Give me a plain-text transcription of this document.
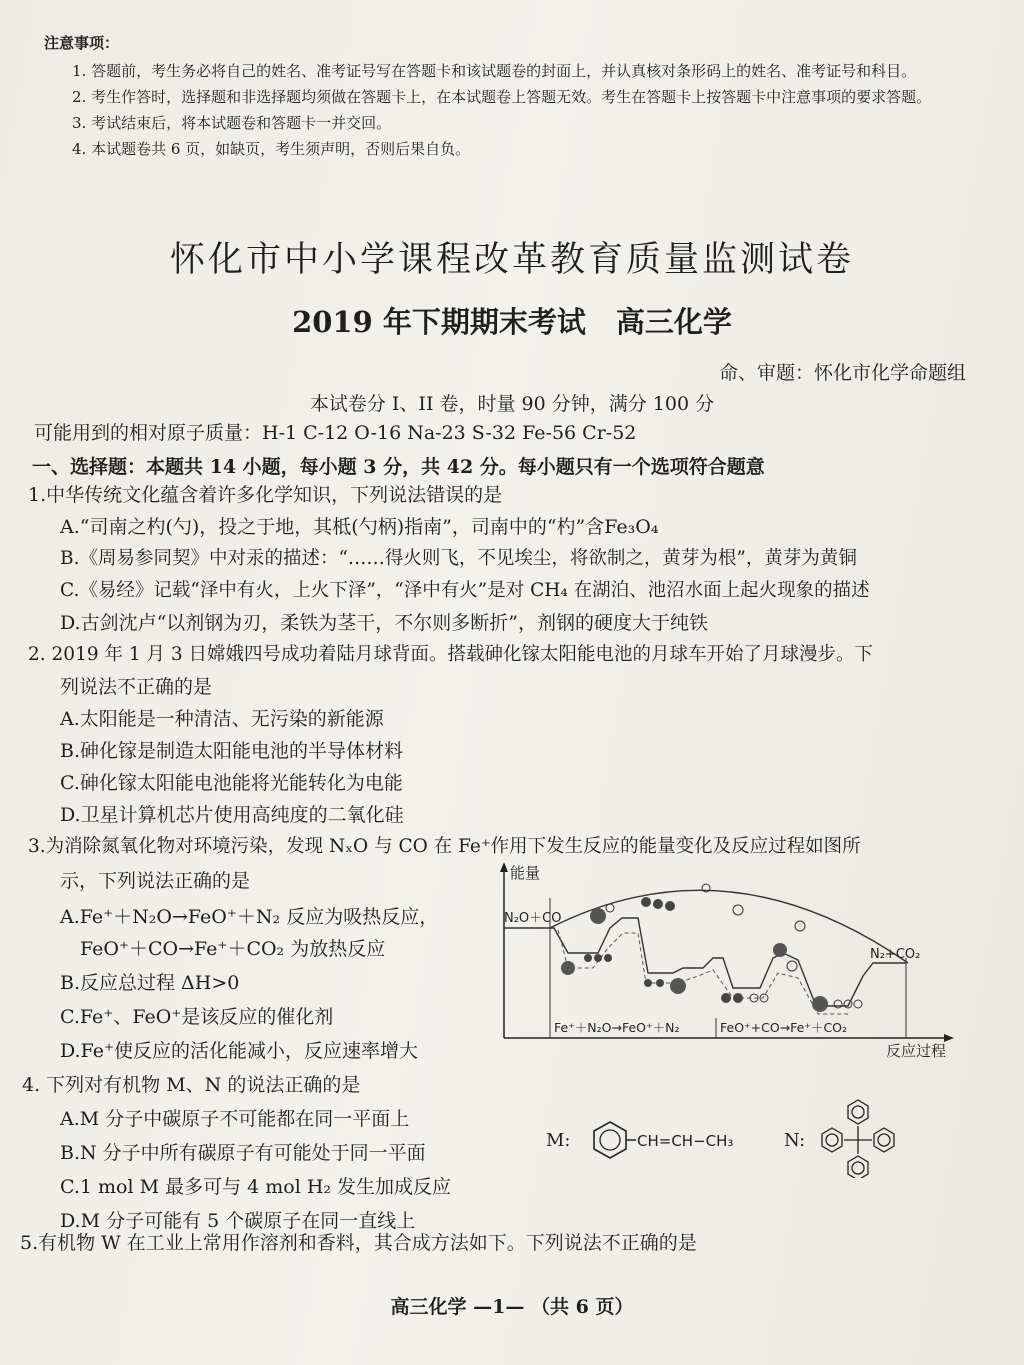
注意事项：
1. 答题前，考生务必将自己的姓名、准考证号写在答题卡和该试题卷的封面上，并认真核对条形码上的姓名、准考证号和科目。
2. 考生作答时，选择题和非选择题均须做在答题卡上，在本试题卷上答题无效。考生在答题卡上按答题卡中注意事项的要求答题。
3. 考试结束后，将本试题卷和答题卡一并交回。
4. 本试题卷共 6 页，如缺页，考生须声明，否则后果自负。
怀化市中小学课程改革教育质量监测试卷
2019 年下期期末考试 高三化学
命、审题：怀化市化学命题组
本试卷分 I、II 卷，时量 90 分钟，满分 100 分
可能用到的相对原子质量：H-1 C-12 O-16 Na-23 S-32 Fe-56 Cr-52
一、选择题：本题共 14 小题，每小题 3 分，共 42 分。每小题只有一个选项符合题意
1.中华传统文化蕴含着许多化学知识，下列说法错误的是
A.“司南之杓(勺)，投之于地，其柢(勺柄)指南”，司南中的“杓”含Fe₃O₄
B.《周易参同契》中对汞的描述：“……得火则飞，不见埃尘，将欲制之，黄芽为根”，黄芽为黄铜
C.《易经》记载“泽中有火，上火下泽”，“泽中有火”是对 CH₄ 在湖泊、池沼水面上起火现象的描述
D.古剑沈卢“以剂钢为刃，柔铁为茎干，不尔则多断折”，剂钢的硬度大于纯铁
2. 2019 年 1 月 3 日嫦娥四号成功着陆月球背面。搭载砷化镓太阳能电池的月球车开始了月球漫步。下
列说法不正确的是
A.太阳能是一种清洁、无污染的新能源
B.砷化镓是制造太阳能电池的半导体材料
C.砷化镓太阳能电池能将光能转化为电能
D.卫星计算机芯片使用高纯度的二氧化硅
3.为消除氮氧化物对环境污染，发现 NₓO 与 CO 在 Fe⁺作用下发生反应的能量变化及反应过程如图所
示，下列说法正确的是
A.Fe⁺＋N₂O→FeO⁺＋N₂ 反应为吸热反应，
FeO⁺＋CO→Fe⁺＋CO₂ 为放热反应
B.反应总过程 ΔH>0
C.Fe⁺、FeO⁺是该反应的催化剂
D.Fe⁺使反应的活化能减小，反应速率增大
能量
反应过程
N₂O＋CO
N₂+CO₂
Fe⁺＋N₂O→FeO⁺＋N₂	FeO⁺+CO→Fe⁺＋CO₂
4. 下列对有机物 M、N 的说法正确的是
A.M 分子中碳原子不可能都在同一平面上
B.N 分子中所有碳原子有可能处于同一平面
C.1 mol M 最多可与 4 mol H₂ 发生加成反应
D.M 分子可能有 5 个碳原子在同一直线上
M:	CH=CH−CH₃	N:
5.有机物 W 在工业上常用作溶剂和香料，其合成方法如下。下列说法不正确的是
高三化学 —1— （共 6 页）
